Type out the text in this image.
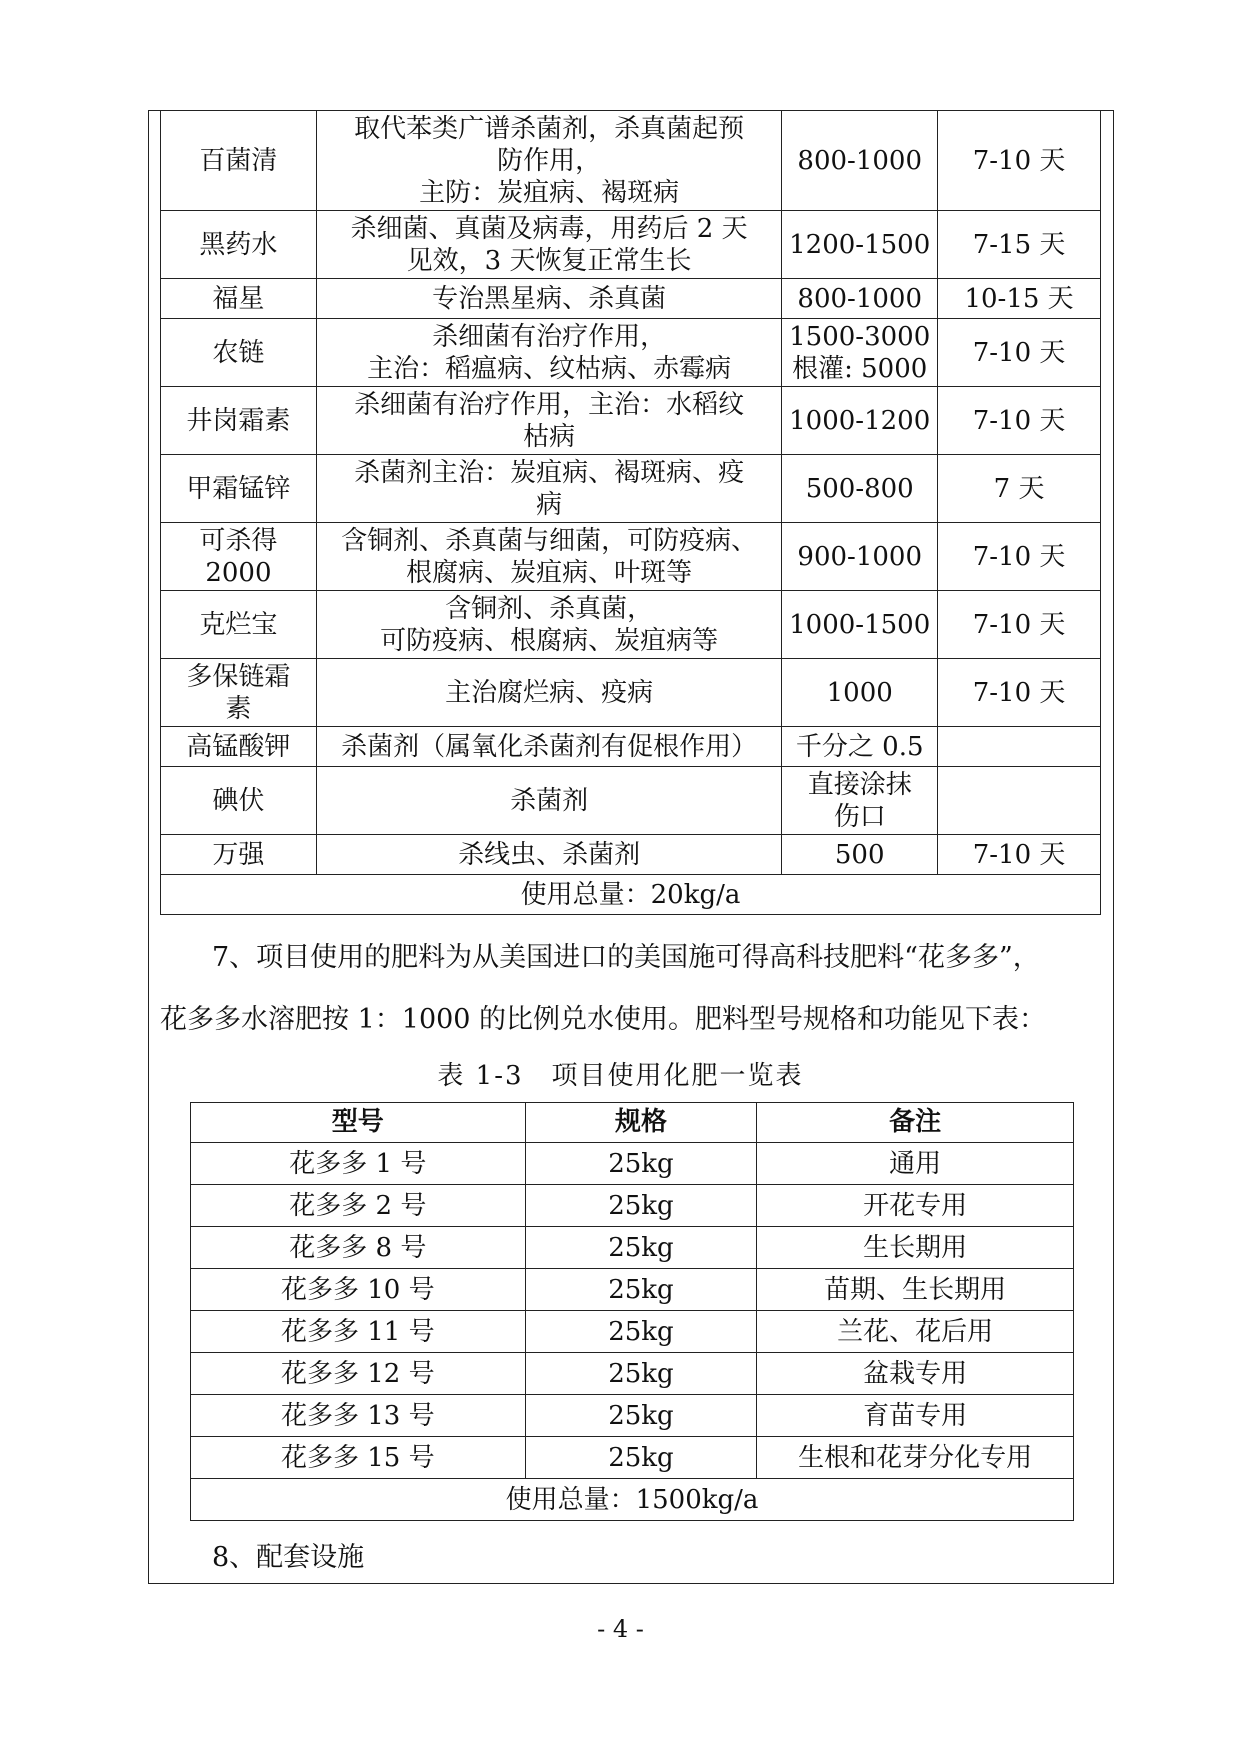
百菌清	取代苯类广谱杀菌剂，杀真菌起预
防作用，
主防：炭疽病、褐斑病	800-1000	7-10 天
黑药水	杀细菌、真菌及病毒，用药后 2 天
见效，3 天恢复正常生长	1200-1500	7-15 天
福星	专治黑星病、杀真菌	800-1000	10-15 天
农链	杀细菌有治疗作用，
主治：稻瘟病、纹枯病、赤霉病	1500-3000
根灌: 5000	7-10 天
井岗霜素	杀细菌有治疗作用，主治：水稻纹
枯病	1000-1200	7-10 天
甲霜锰锌	杀菌剂主治：炭疽病、褐斑病、疫
病	500-800	7 天

可杀得
2000	含铜剂、杀真菌与细菌，可防疫病、
根腐病、炭疽病、叶斑等	900-1000	7-10 天
克烂宝	含铜剂、杀真菌，
可防疫病、根腐病、炭疽病等	1000-1500	7-10 天

多保链霜
素	主治腐烂病、疫病	1000	7-10 天
高锰酸钾	杀菌剂（属氧化杀菌剂有促根作用）	千分之 0.5	

碘伏	杀菌剂	直接涂抹
伤口	

万强	杀线虫、杀菌剂	500	7-10 天
使用总量：20kg/a			
7、项目使用的肥料为从美国进口的美国施可得高科技肥料“花多多”，
花多多水溶肥按 1：1000 的比例兑水使用。肥料型号规格和功能见下表：
表 1-3　项目使用化肥一览表
型号	规格	备注
花多多 1 号	25kg	通用
花多多 2 号	25kg	开花专用
花多多 8 号	25kg	生长期用
花多多 10 号	25kg	苗期、生长期用
花多多 11 号	25kg	兰花、花后用
花多多 12 号	25kg	盆栽专用
花多多 13 号	25kg	育苗专用
花多多 15 号	25kg	生根和花芽分化专用
使用总量：1500kg/a		
8、配套设施
- 4 -
